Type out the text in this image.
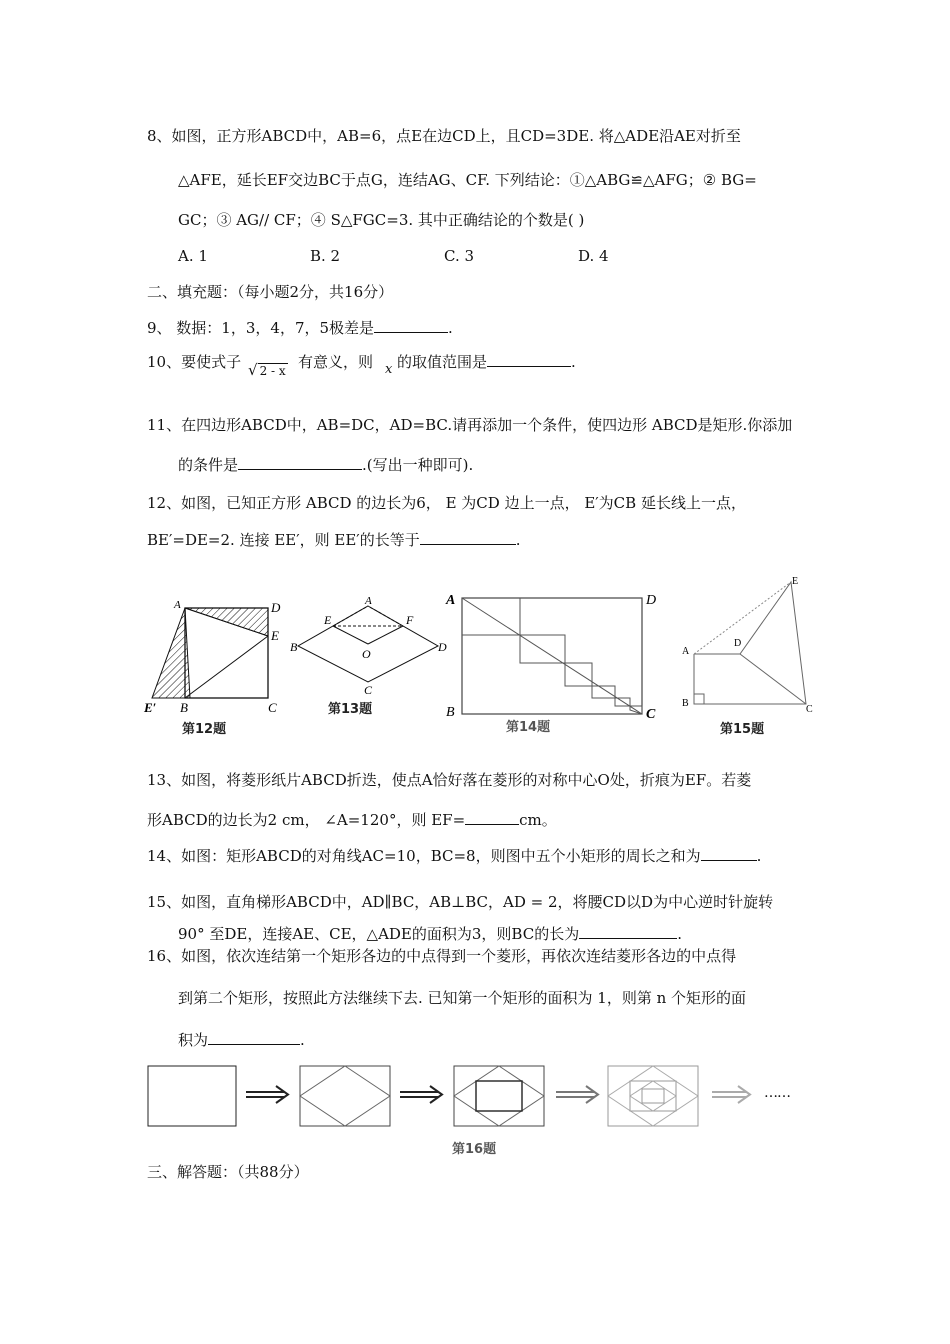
8、如图，正方形ABCD中，AB=6，点E在边CD上，且CD=3DE. 将△ADE沿AE对折至
△AFE，延长EF交边BC于点G，连结AG、CF. 下列结论：①△ABG≌△AFG；② BG=
GC；③ AG// CF；④ S△FGC=3. 其中正确结论的个数是( )
A. 1	B. 2	C. 3	D. 4
二、填充题：（每小题2分，共16分）
9、 数据：1，3，4，7，5极差是	.
10、要使式子 √ 2 - x 有意义，则 x 的取值范围是	.
11、在四边形ABCD中，AB=DC，AD=BC.请再添加一个条件，使四边形 ABCD是矩形.你添加
的条件是	.(写出一种即可).
12、如图，已知正方形 ABCD 的边长为6， E 为CD 边上一点， E′为CB 延长线上一点，
BE′=DE=2. 连接 EE′，则 EE′的长等于	.
A	D
E
B	C
E′
第12题
A
E	F
B	D
O
C
第13题
A	D
B	C
第14题
E
D
A
B
C
第15题
13、如图，将菱形纸片ABCD折迭，使点A恰好落在菱形的对称中心O处，折痕为EF。若菱
形ABCD的边长为2 cm， ∠A=120°，则 EF=	cm。
14、如图：矩形ABCD的对角线AC=10，BC=8，则图中五个小矩形的周长之和为	.
15、如图，直角梯形ABCD中，AD∥BC，AB⊥BC，AD = 2，将腰CD以D为中心逆时针旋转
90° 至DE，连接AE、CE，△ADE的面积为3，则BC的长为	.
16、如图，依次连结第一个矩形各边的中点得到一个菱形，再依次连结菱形各边的中点得
到第二个矩形，按照此方法继续下去. 已知第一个矩形的面积为 1，则第 n 个矩形的面
积为	.
……
第16题
三、解答题：（共88分）
